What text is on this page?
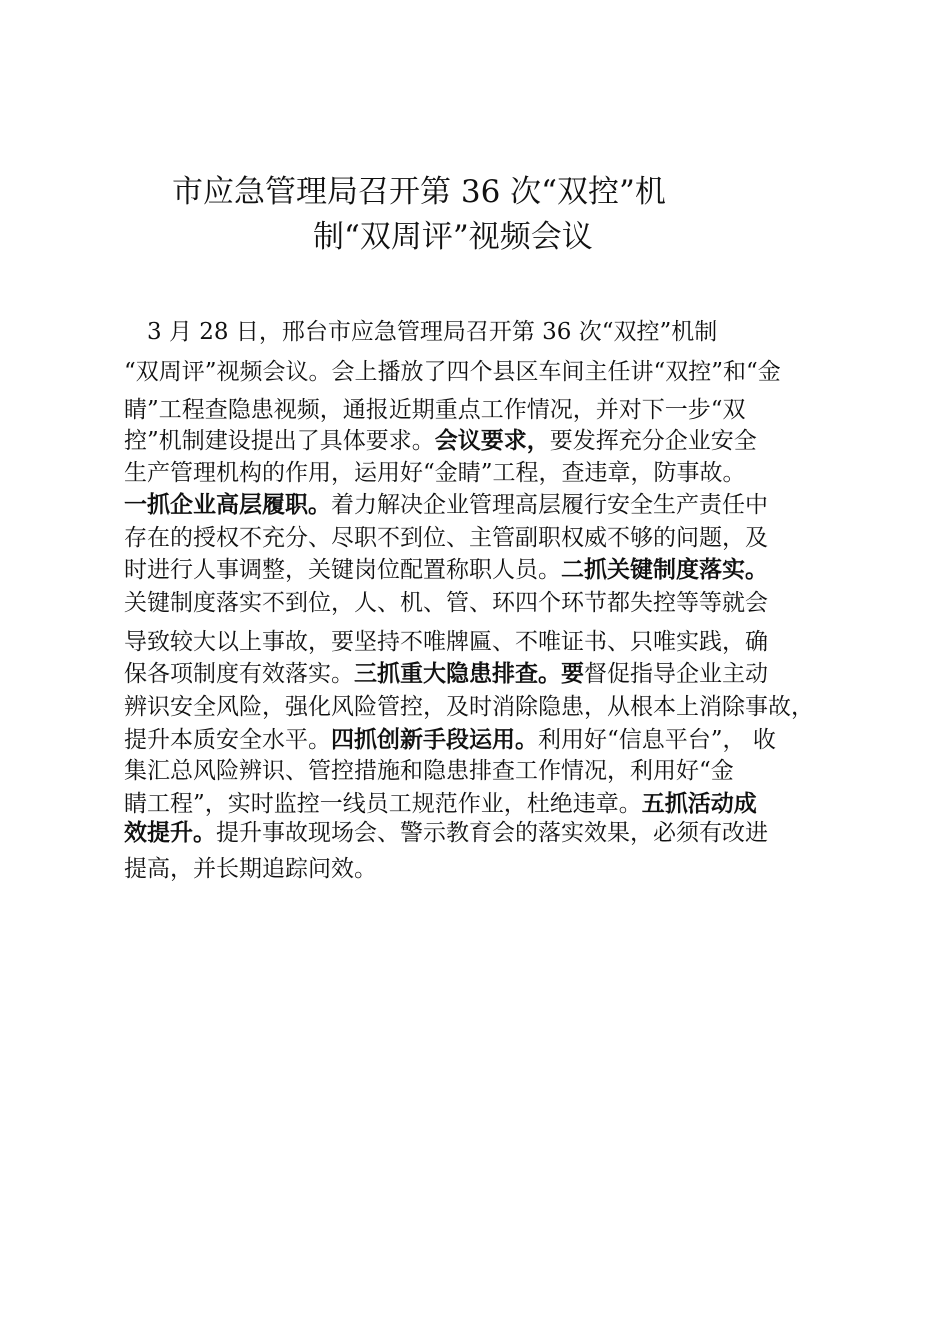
市应急管理局召开第 36 次“双控”机
制“双周评”视频会议
　3 月 28 日，邢台市应急管理局召开第 36 次“双控”机制
“双周评”视频会议。会上播放了四个县区车间主任讲“双控”和“金
睛”工程查隐患视频，通报近期重点工作情况，并对下一步“双
控”机制建设提出了具体要求。会议要求，要发挥充分企业安全
生产管理机构的作用，运用好“金睛”工程，查违章，防事故。
一抓企业高层履职。着力解决企业管理高层履行安全生产责任中
存在的授权不充分、尽职不到位、主管副职权威不够的问题，及
时进行人事调整，关键岗位配置称职人员。二抓关键制度落实。
关键制度落实不到位，人、机、管、环四个环节都失控等等就会
导致较大以上事故，要坚持不唯牌匾、不唯证书、只唯实践，确
保各项制度有效落实。三抓重大隐患排查。要督促指导企业主动
辨识安全风险，强化风险管控，及时消除隐患，从根本上消除事故，
提升本质安全水平。四抓创新手段运用。利用好“信息平台”， 收
集汇总风险辨识、管控措施和隐患排查工作情况，利用好“金
睛工程”，实时监控一线员工规范作业，杜绝违章。五抓活动成
效提升。提升事故现场会、警示教育会的落实效果，必须有改进
提高，并长期追踪问效。
